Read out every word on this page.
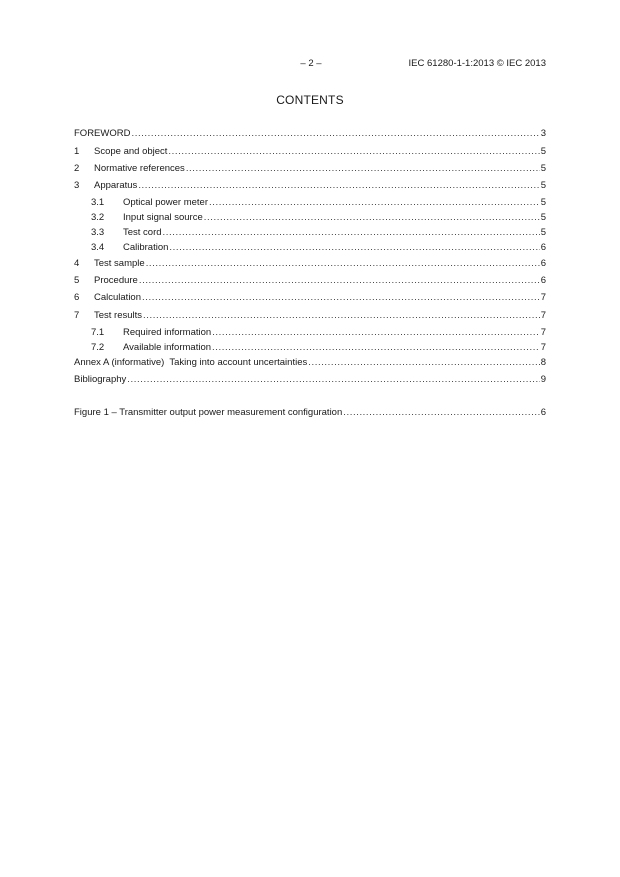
– 2 –	IEC 61280-1-1:2013 © IEC 2013
CONTENTS
FOREWORD .....	3
1	Scope and object .....	5
2	Normative references .....	5
3	Apparatus .....	5
3.1	Optical power meter .....	5
3.2	Input signal source .....	5
3.3	Test cord .....	5
3.4	Calibration .....	6
4	Test sample .....	6
5	Procedure .....	6
6	Calculation .....	7
7	Test results .....	7
7.1	Required information .....	7
7.2	Available information .....	7
Annex A (informative)  Taking into account uncertainties .....	8
Bibliography .....	9
Figure 1 – Transmitter output power measurement configuration .....	6
